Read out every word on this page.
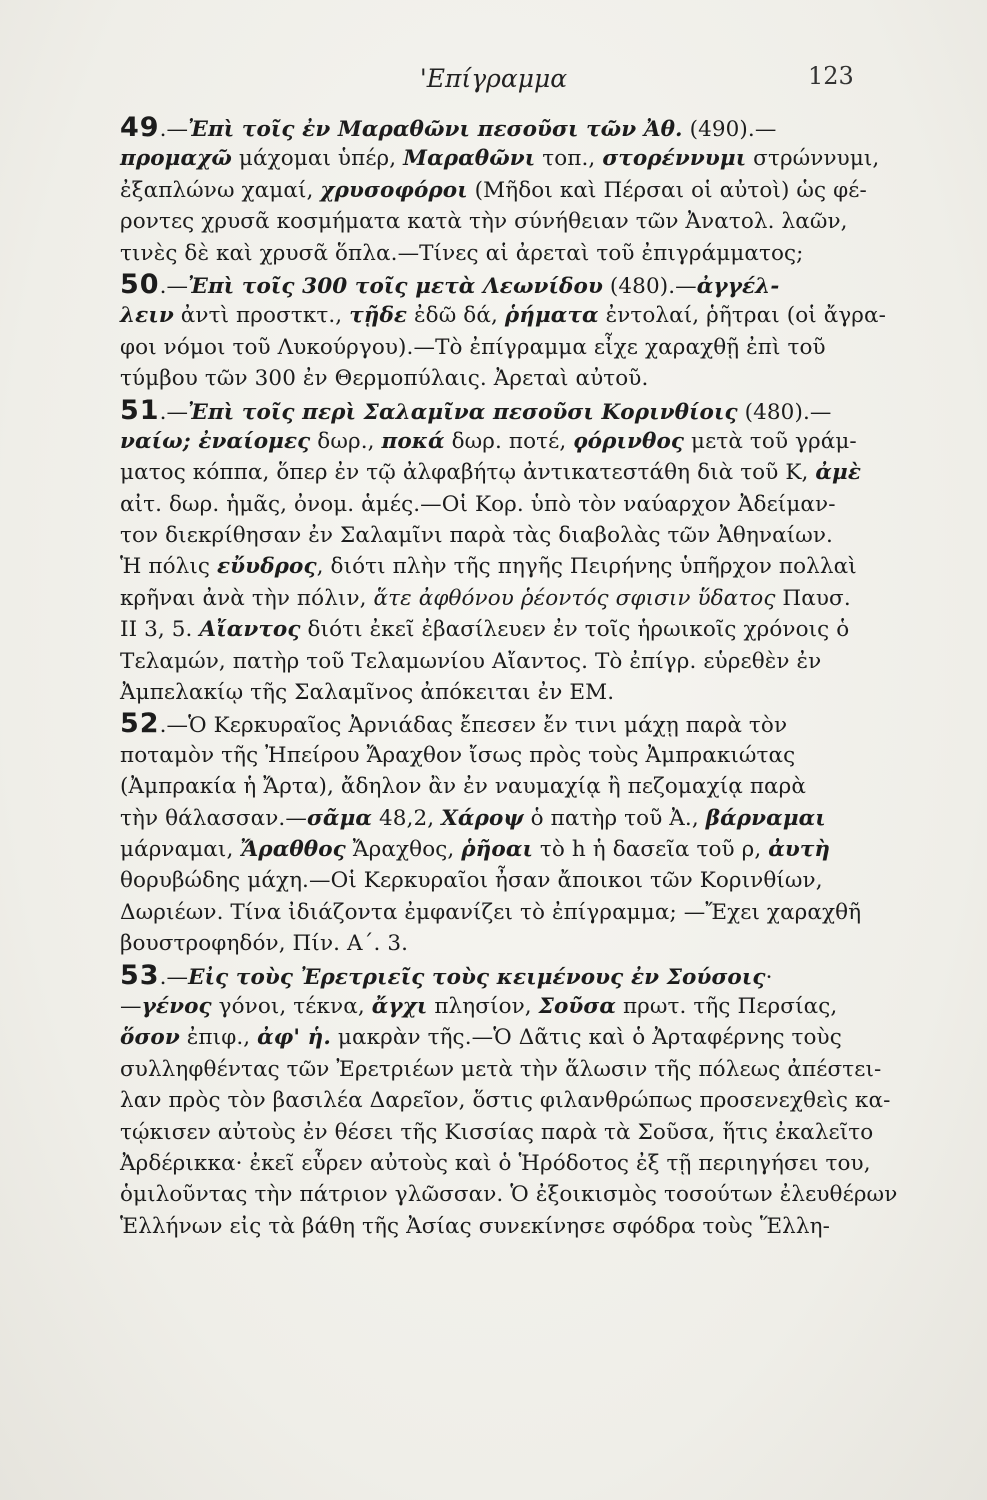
'Επίγραμμα	123
49.—Ἐπὶ τοῖς ἐν Μαραθῶνι πεσοῦσι τῶν Ἀθ. (490).—
προμαχῶ μάχομαι ὑπέρ, Μαραθῶνι τοπ., στορέννυμι στρώννυμι,
ἐξαπλώνω χαμαί, χρυσοφόροι (Μῆδοι καὶ Πέρσαι οἱ αὐτοὶ) ὡς φέ-
ροντες χρυσᾶ κοσμήματα κατὰ τὴν σύνήθειαν τῶν Ἀνατολ. λαῶν,
τινὲς δὲ καὶ χρυσᾶ ὅπλα.—Τίνες αἱ ἀρεταὶ τοῦ ἐπιγράμματος;
50.—Ἐπὶ τοῖς 300 τοῖς μετὰ Λεωνίδου (480).—ἀγγέλ-
λειν ἀντὶ προστκτ., τῇδε ἐδῶ δά, ῥήματα ἐντολαί, ῥῆτραι (οἱ ἄγρα-
φοι νόμοι τοῦ Λυκούργου).—Τὸ ἐπίγραμμα εἶχε χαραχθῇ ἐπὶ τοῦ
τύμβου τῶν 300 ἐν Θερμοπύλαις. Ἀρεταὶ αὐτοῦ.
51.—Ἐπὶ τοῖς περὶ Σαλαμῖνα πεσοῦσι Κορινθίοις (480).—
ναίω; ἐναίομες δωρ., ποκά δωρ. ποτέ, ϙόρινθος μετὰ τοῦ γράμ-
ματος κόππα, ὅπερ ἐν τῷ ἀλφαβήτῳ ἀντικατεστάθη διὰ τοῦ Κ, ἀμὲ
αἰτ. δωρ. ἡμᾶς, ὀνομ. ἁμές.—Οἱ Κορ. ὑπὸ τὸν ναύαρχον Ἀδείμαν-
τον διεκρίθησαν ἐν Σαλαμῖνι παρὰ τὰς διαβολὰς τῶν Ἀθηναίων.
Ἡ πόλις εὔυδρος, διότι πλὴν τῆς πηγῆς Πειρήνης ὑπῆρχον πολλαὶ
κρῆναι ἀνὰ τὴν πόλιν, ἅτε ἀφθόνου ῥέοντός σφισιν ὕδατος Παυσ.
ΙΙ 3, 5. Αἴαντος διότι ἐκεῖ ἐβασίλευεν ἐν τοῖς ἡρωικοῖς χρόνοις ὁ
Τελαμών, πατὴρ τοῦ Τελαμωνίου Αἴαντος. Τὸ ἐπίγρ. εὑρεθὲν ἐν
Ἀμπελακίῳ τῆς Σαλαμῖνος ἀπόκειται ἐν ΕΜ.
52.—Ὁ Κερκυραῖος Ἀρνιάδας ἔπεσεν ἔν τινι μάχῃ παρὰ τὸν
ποταμὸν τῆς Ἠπείρου Ἄραχθον ἴσως πρὸς τοὺς Ἀμπρακιώτας
(Ἀμπρακία ἡ Ἄρτα), ἄδηλον ἂν ἐν ναυμαχίᾳ ἢ πεζομαχίᾳ παρὰ
τὴν θάλασσαν.—σᾶμα 48,2, Χάροψ ὁ πατὴρ τοῦ Ἀ., βάρναμαι
μάρναμαι, Ἄραθθος Ἄραχθος, ῥῆοαι τὸ h ἡ δασεῖα τοῦ ρ, ἀυτὴ
θορυβώδης μάχη.—Οἱ Κερκυραῖοι ἦσαν ἄποικοι τῶν Κορινθίων,
Δωριέων. Τίνα ἰδιάζοντα ἐμφανίζει τὸ ἐπίγραμμα; —Ἔχει χαραχθῆ
βουστροφηδόν, Πίν. Α΄. 3.
53.—Εἰς τοὺς Ἐρετριεῖς τοὺς κειμένους ἐν Σούσοις·
—γένος γόνοι, τέκνα, ἄγχι πλησίον, Σοῦσα πρωτ. τῆς Περσίας,
ὅσον ἐπιφ., ἀφ' ἡ. μακρὰν τῆς.—Ὁ Δᾶτις καὶ ὁ Ἀρταφέρνης τοὺς
συλληφθέντας τῶν Ἐρετριέων μετὰ τὴν ἅλωσιν τῆς πόλεως ἀπέστει-
λαν πρὸς τὸν βασιλέα Δαρεῖον, ὅστις φιλανθρώπως προσενεχθεὶς κα-
τῴκισεν αὐτοὺς ἐν θέσει τῆς Κισσίας παρὰ τὰ Σοῦσα, ἥτις ἐκαλεῖτο
Ἀρδέρικκα· ἐκεῖ εὗρεν αὐτοὺς καὶ ὁ Ἡρόδοτος ἐξ τῇ περιηγήσει του,
ὁμιλοῦντας τὴν πάτριον γλῶσσαν. Ὁ ἐξοικισμὸς τοσούτων ἐλευθέρων
Ἑλλήνων εἰς τὰ βάθη τῆς Ἀσίας συνεκίνησε σφόδρα τοὺς Ἕλλη-
